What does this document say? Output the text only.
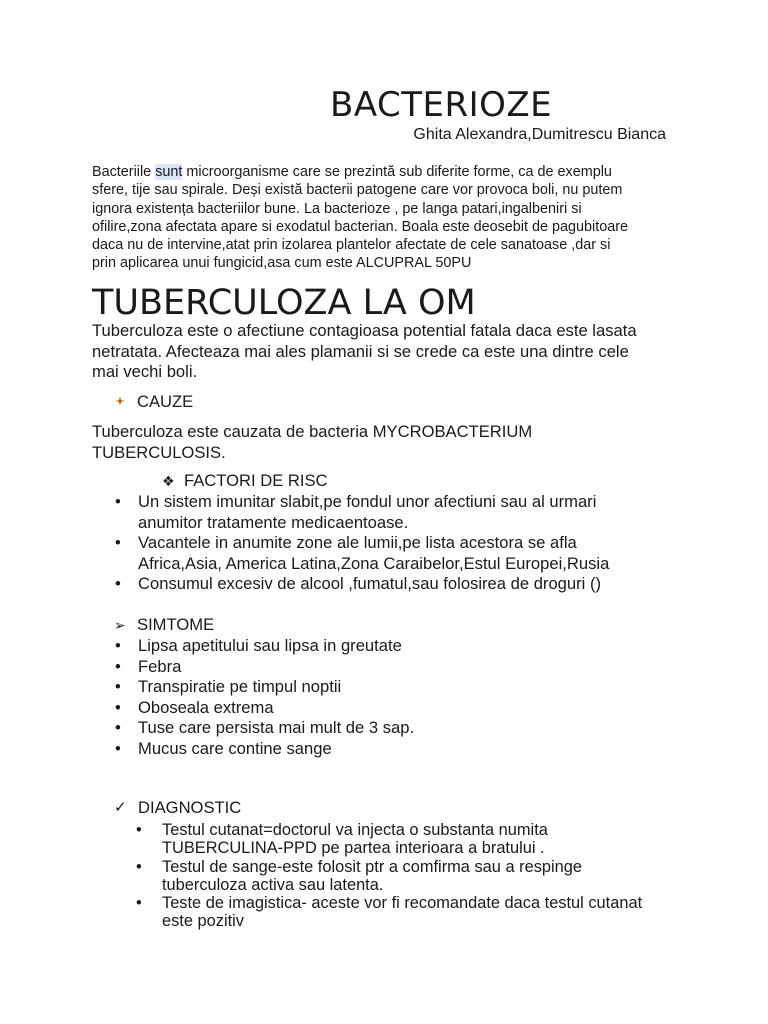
BACTERIOZE

Ghita Alexandra,Dumitrescu Bianca

Bacteriile sunt microorganisme care se prezintă sub diferite forme, ca de exemplu
sfere, tije sau spirale. Deși există bacterii patogene care vor provoca boli, nu putem
ignora existența bacteriilor bune. La bacterioze , pe langa patari,ingalbeniri si
ofilire,zona afectata apare si exodatul bacterian. Boala este deosebit de pagubitoare
daca nu de intervine,atat prin izolarea plantelor afectate de cele sanatoase ,dar si
prin aplicarea unui fungicid,asa cum este ALCUPRAL 50PU

TUBERCULOZA LA OM

Tuberculoza este o afectiune contagioasa potential fatala daca este lasata
netratata. Afecteaza mai ales plamanii si se crede ca este una dintre cele
mai vechi boli.

CAUZE

Tuberculoza este cauzata de bacteria MYCROBACTERIUM
TUBERCULOSIS.

❖ FACTORI DE RISC
• Un sistem imunitar slabit,pe fondul unor afectiuni sau al urmari
anumitor tratamente medicaentoase.
• Vacantele in anumite zone ale lumii,pe lista acestora se afla
Africa,Asia, America Latina,Zona Caraibelor,Estul Europei,Rusia
• Consumul excesiv de alcool ,fumatul,sau folosirea de droguri ()
➢ SIMTOME
• Lipsa apetitului sau lipsa in greutate
• Febra
• Transpiratie pe timpul noptii
• Oboseala extrema
• Tuse care persista mai mult de 3 sap.
• Mucus care contine sange
✓ DIAGNOSTIC
• Testul cutanat=doctorul va injecta o substanta numita
TUBERCULINA-PPD pe partea interioara a bratului .
• Testul de sange-este folosit ptr a comfirma sau a respinge
tuberculoza activa sau latenta.
• Teste de imagistica- aceste vor fi recomandate daca testul cutanat
este pozitiv
